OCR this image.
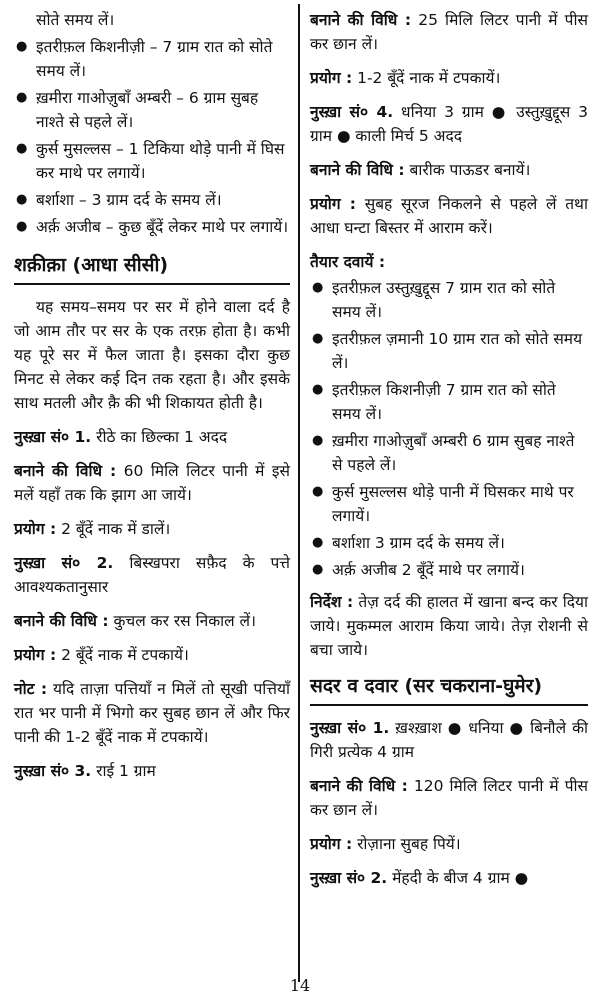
सोते समय लें।
● इतरीफ़ल किशनीज़ी – 7 ग्राम रात को सोते समय लें।
● ख़मीरा गाओज़ुबाँ अम्बरी – 6 ग्राम सुबह नाश्ते से पहले लें।
● कुर्स मुसल्लस – 1 टिकिया थोड़े पानी में घिस कर माथे पर लगायें।
● बर्शाशा – 3 ग्राम दर्द के समय लें।
● अर्क़ अजीब – कुछ बूँदें लेकर माथे पर लगायें।
शक़ीक़ा (आधा सीसी)

यह समय–समय पर सर में होने वाला दर्द है जो आम तौर पर सर के एक तरफ़ होता है। कभी यह पूरे सर में फैल जाता है। इसका दौरा कुछ मिनट से लेकर कई दिन तक रहता है। और इसके साथ मतली और क़ै की भी शिकायत होती है।

नुस्ख़ा सं० 1. रीठे का छिल्का 1 अदद

बनाने की विधि : 60 मिलि लिटर पानी में इसे मलें यहाँ तक कि झाग आ जायें।

प्रयोग : 2 बूँदें नाक में डालें।

नुस्ख़ा सं० 2. बिस्खपरा सफ़ैद के पत्ते आवश्यकतानुसार

बनाने की विधि : कुचल कर रस निकाल लें।

प्रयोग : 2 बूँदें नाक में टपकायें।

नोट : यदि ताज़ा पत्तियाँ न मिलें तो सूखी पत्तियाँ रात भर पानी में भिगो कर सुबह छान लें और फिर पानी की 1-2 बूँदें नाक में टपकायें।

नुस्ख़ा सं० 3. राई 1 ग्राम

बनाने की विधि : 25 मिलि लिटर पानी में पीस कर छान लें।

प्रयोग : 1-2 बूँदें नाक में टपकायें।

नुस्ख़ा सं० 4. धनिया 3 ग्राम ● उस्तुख़ुद्दूस 3 ग्राम ● काली मिर्च 5 अदद

बनाने की विधि : बारीक पाऊडर बनायें।

प्रयोग : सुबह सूरज निकलने से पहले लें तथा आधा घन्टा बिस्तर में आराम करें।

तैयार दवायें :
● इतरीफ़ल उस्तुख़ुद्दूस 7 ग्राम रात को सोते समय लें।
● इतरीफ़ल ज़मानी 10 ग्राम रात को सोते समय लें।
● इतरीफ़ल किशनीज़ी 7 ग्राम रात को सोते समय लें।
● ख़मीरा गाओज़ुबाँ अम्बरी 6 ग्राम सुबह नाश्ते से पहले लें।
● कुर्स मुसल्लस थोड़े पानी में घिसकर माथे पर लगायें।
● बर्शाशा 3 ग्राम दर्द के समय लें।
● अर्क़ अजीब 2 बूँदें माथे पर लगायें।

निर्देश : तेज़ दर्द की हालत में खाना बन्द कर दिया जाये। मुकम्मल आराम किया जाये। तेज़ रोशनी से बचा जाये।

सदर व दवार (सर चकराना-घुमेर)

नुस्ख़ा सं० 1. ख़श्ख़ाश ● धनिया ● बिनौले की गिरी प्रत्येक 4 ग्राम

बनाने की विधि : 120 मिलि लिटर पानी में पीस कर छान लें।

प्रयोग : रोज़ाना सुबह पियें।

नुस्ख़ा सं० 2. मेंहदी के बीज 4 ग्राम ●

14
